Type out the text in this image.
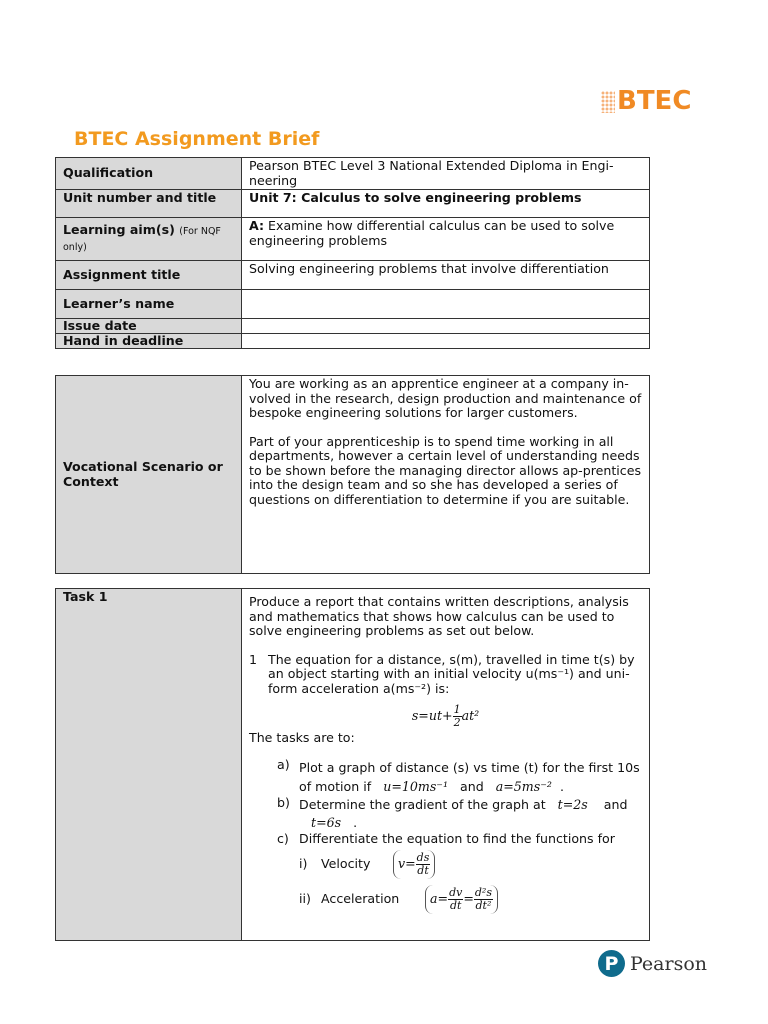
BTEC
BTEC Assignment Brief
Qualification	Pearson BTEC Level 3 National Extended Diploma in Engi-neering
Unit number and title	Unit 7: Calculus to solve engineering problems
Learning aim(s) (For NQF only)	A: Examine how differential calculus can be used to solve engineering problems
Assignment title	Solving engineering problems that involve differentiation
Learner’s name	
Issue date	
Hand in deadline	
Vocational Scenario or Context	

You are working as an apprentice engineer at a company in-volved in the research, design production and maintenance of bespoke engineering solutions for larger customers.

Part of your apprenticeship is to spend time working in all departments, however a certain level of understanding needs to be shown before the managing director allows ap-prentices into the design team and so she has developed a series of questions on differentiation to determine if you are suitable.

Task 1	Produce a report that contains written descriptions, analysis and mathematics that shows how calculus can be used to solve engineering problems as set out below.

1 The equation for a distance, s(m), travelled in time t(s) by an object starting with an initial velocity u(ms⁻¹) and uni-form acceleration a(ms⁻²) is:
$s=ut+ \frac{1}{2} at^2$

The tasks are to:

a) Plot a graph of distance (s) vs time (t) for the first 10s of motion if u=10ms⁻¹ and a=5ms⁻² .
b) Determine the gradient of the graph at t=2s and
t=6s .
c) Differentiate the equation to find the functions for
i)	Velocity	$v= \frac{ds}{dt}$
ii) Acceleration	$a= \frac{dv}{dt} = \frac{\text{d²s}}{\text{dt²}}$
P Pearson
